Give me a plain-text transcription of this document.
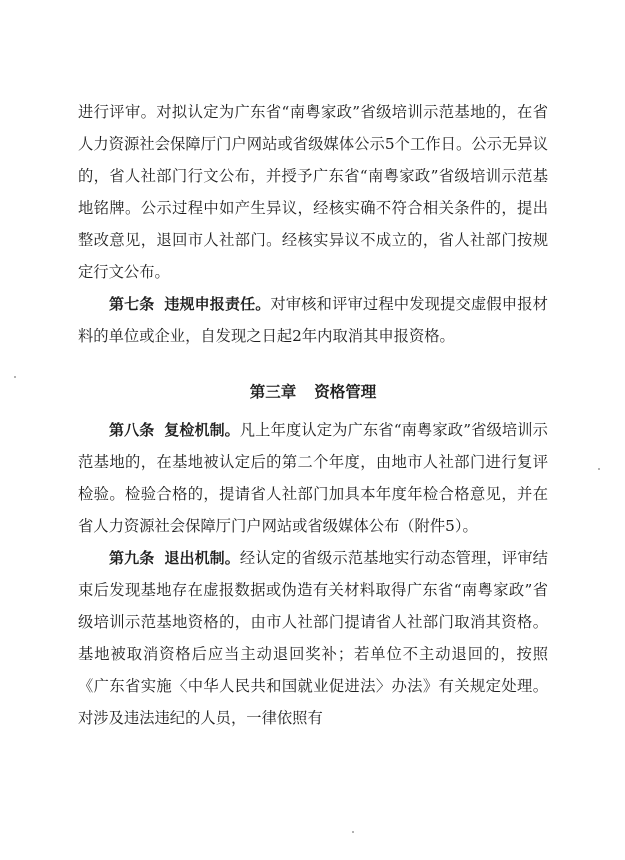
进行评审。对拟认定为广东省“南粤家政”省级培训示范基地的，在省人力资源社会保障厅门户网站或省级媒体公示5个工作日。公示无异议的，省人社部门行文公布，并授予广东省“南粤家政”省级培训示范基地铭牌。公示过程中如产生异议，经核实确不符合相关条件的，提出整改意见，退回市人社部门。经核实异议不成立的，省人社部门按规定行文公布。

第七条 违规申报责任。对审核和评审过程中发现提交虚假申报材料的单位或企业，自发现之日起2年内取消其申报资格。

第三章 资格管理

第八条 复检机制。凡上年度认定为广东省“南粤家政”省级培训示范基地的，在基地被认定后的第二个年度，由地市人社部门进行复评检验。检验合格的，提请省人社部门加具本年度年检合格意见，并在省人力资源社会保障厅门户网站或省级媒体公布（附件5）。

第九条 退出机制。经认定的省级示范基地实行动态管理，评审结束后发现基地存在虚报数据或伪造有关材料取得广东省“南粤家政”省级培训示范基地资格的，由市人社部门提请省人社部门取消其资格。基地被取消资格后应当主动退回奖补；若单位不主动退回的，按照《广东省实施〈中华人民共和国就业促进法〉办法》有关规定处理。对涉及违法违纪的人员，一律依照有
